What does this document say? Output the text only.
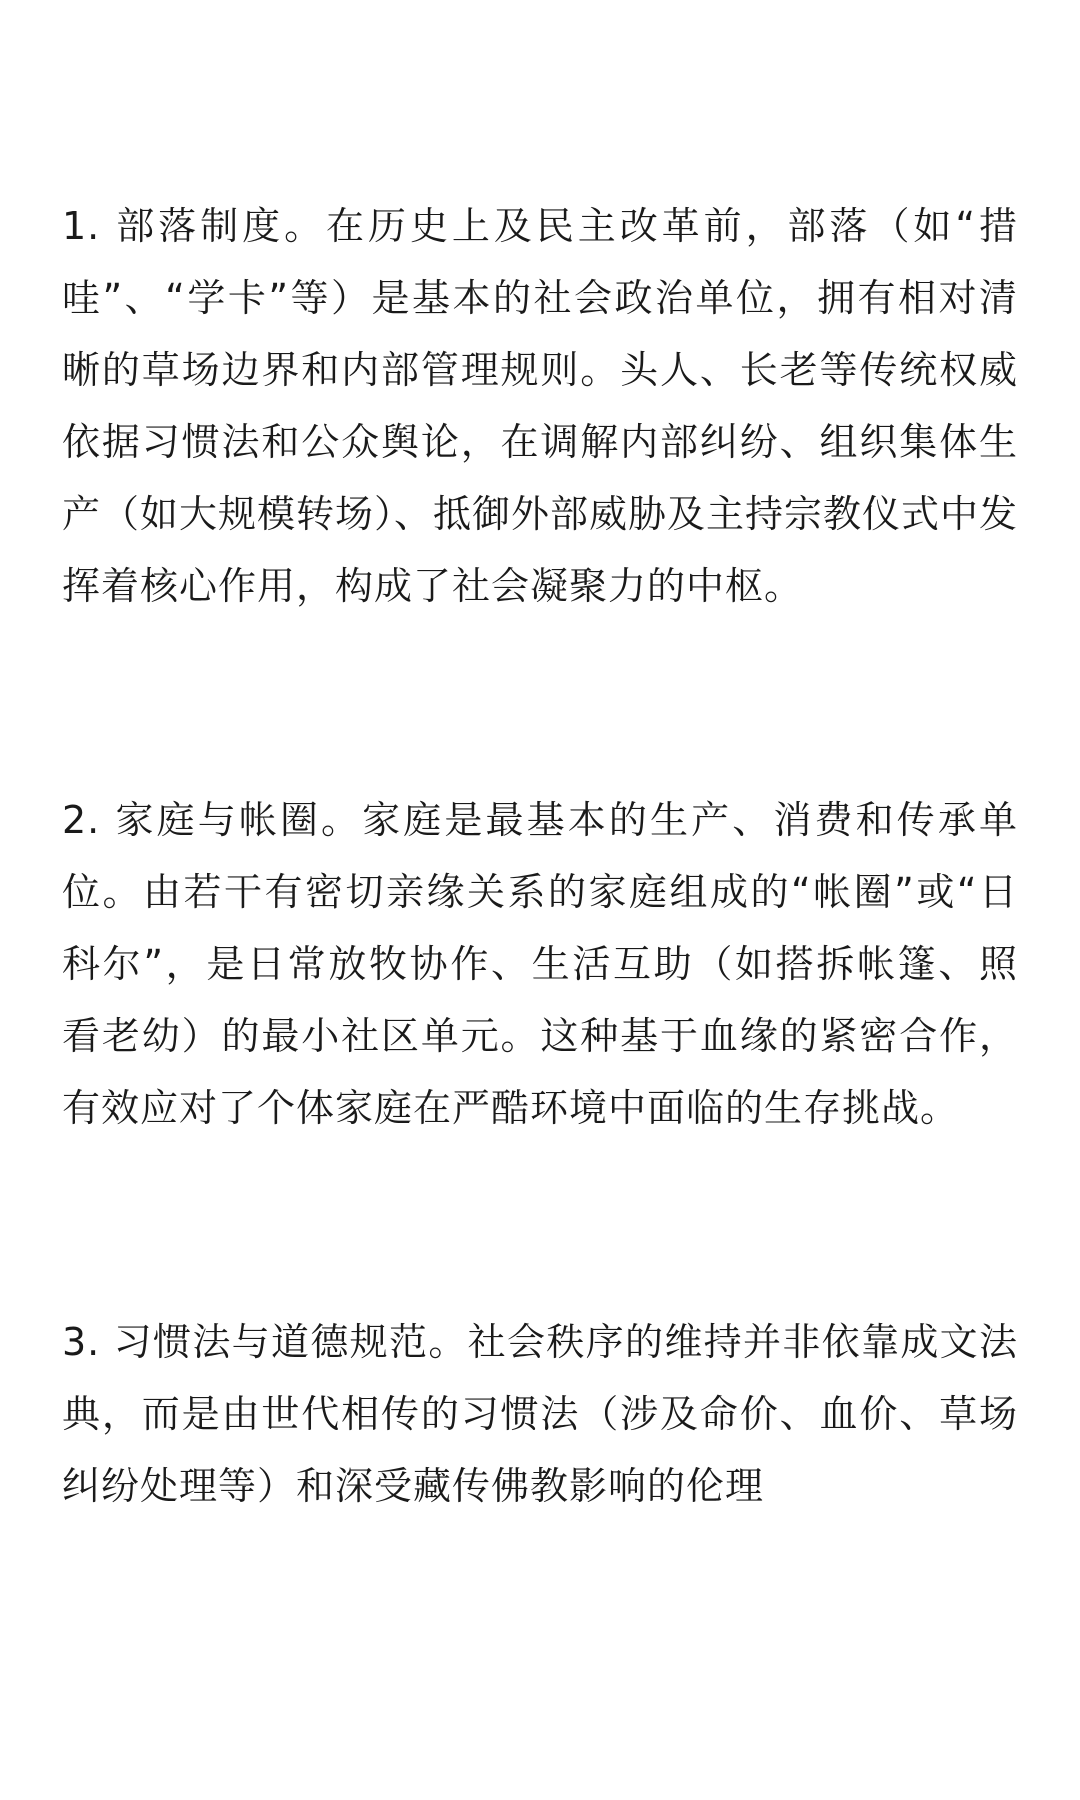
1. 部落制度。在历史上及民主改革前，部落（如“措哇”、“学卡”等）是基本的社会政治单位，拥有相对清晰的草场边界和内部管理规则。头人、长老等传统权威依据习惯法和公众舆论，在调解内部纠纷、组织集体生产（如大规模转场）、抵御外部威胁及主持宗教仪式中发挥着核心作用，构成了社会凝聚力的中枢。

2. 家庭与帐圈。家庭是最基本的生产、消费和传承单位。由若干有密切亲缘关系的家庭组成的“帐圈”或“日科尔”，是日常放牧协作、生活互助（如搭拆帐篷、照看老幼）的最小社区单元。这种基于血缘的紧密合作，有效应对了个体家庭在严酷环境中面临的生存挑战。

3. 习惯法与道德规范。社会秩序的维持并非依靠成文法典，而是由世代相传的习惯法（涉及命价、血价、草场纠纷处理等）和深受藏传佛教影响的伦理
